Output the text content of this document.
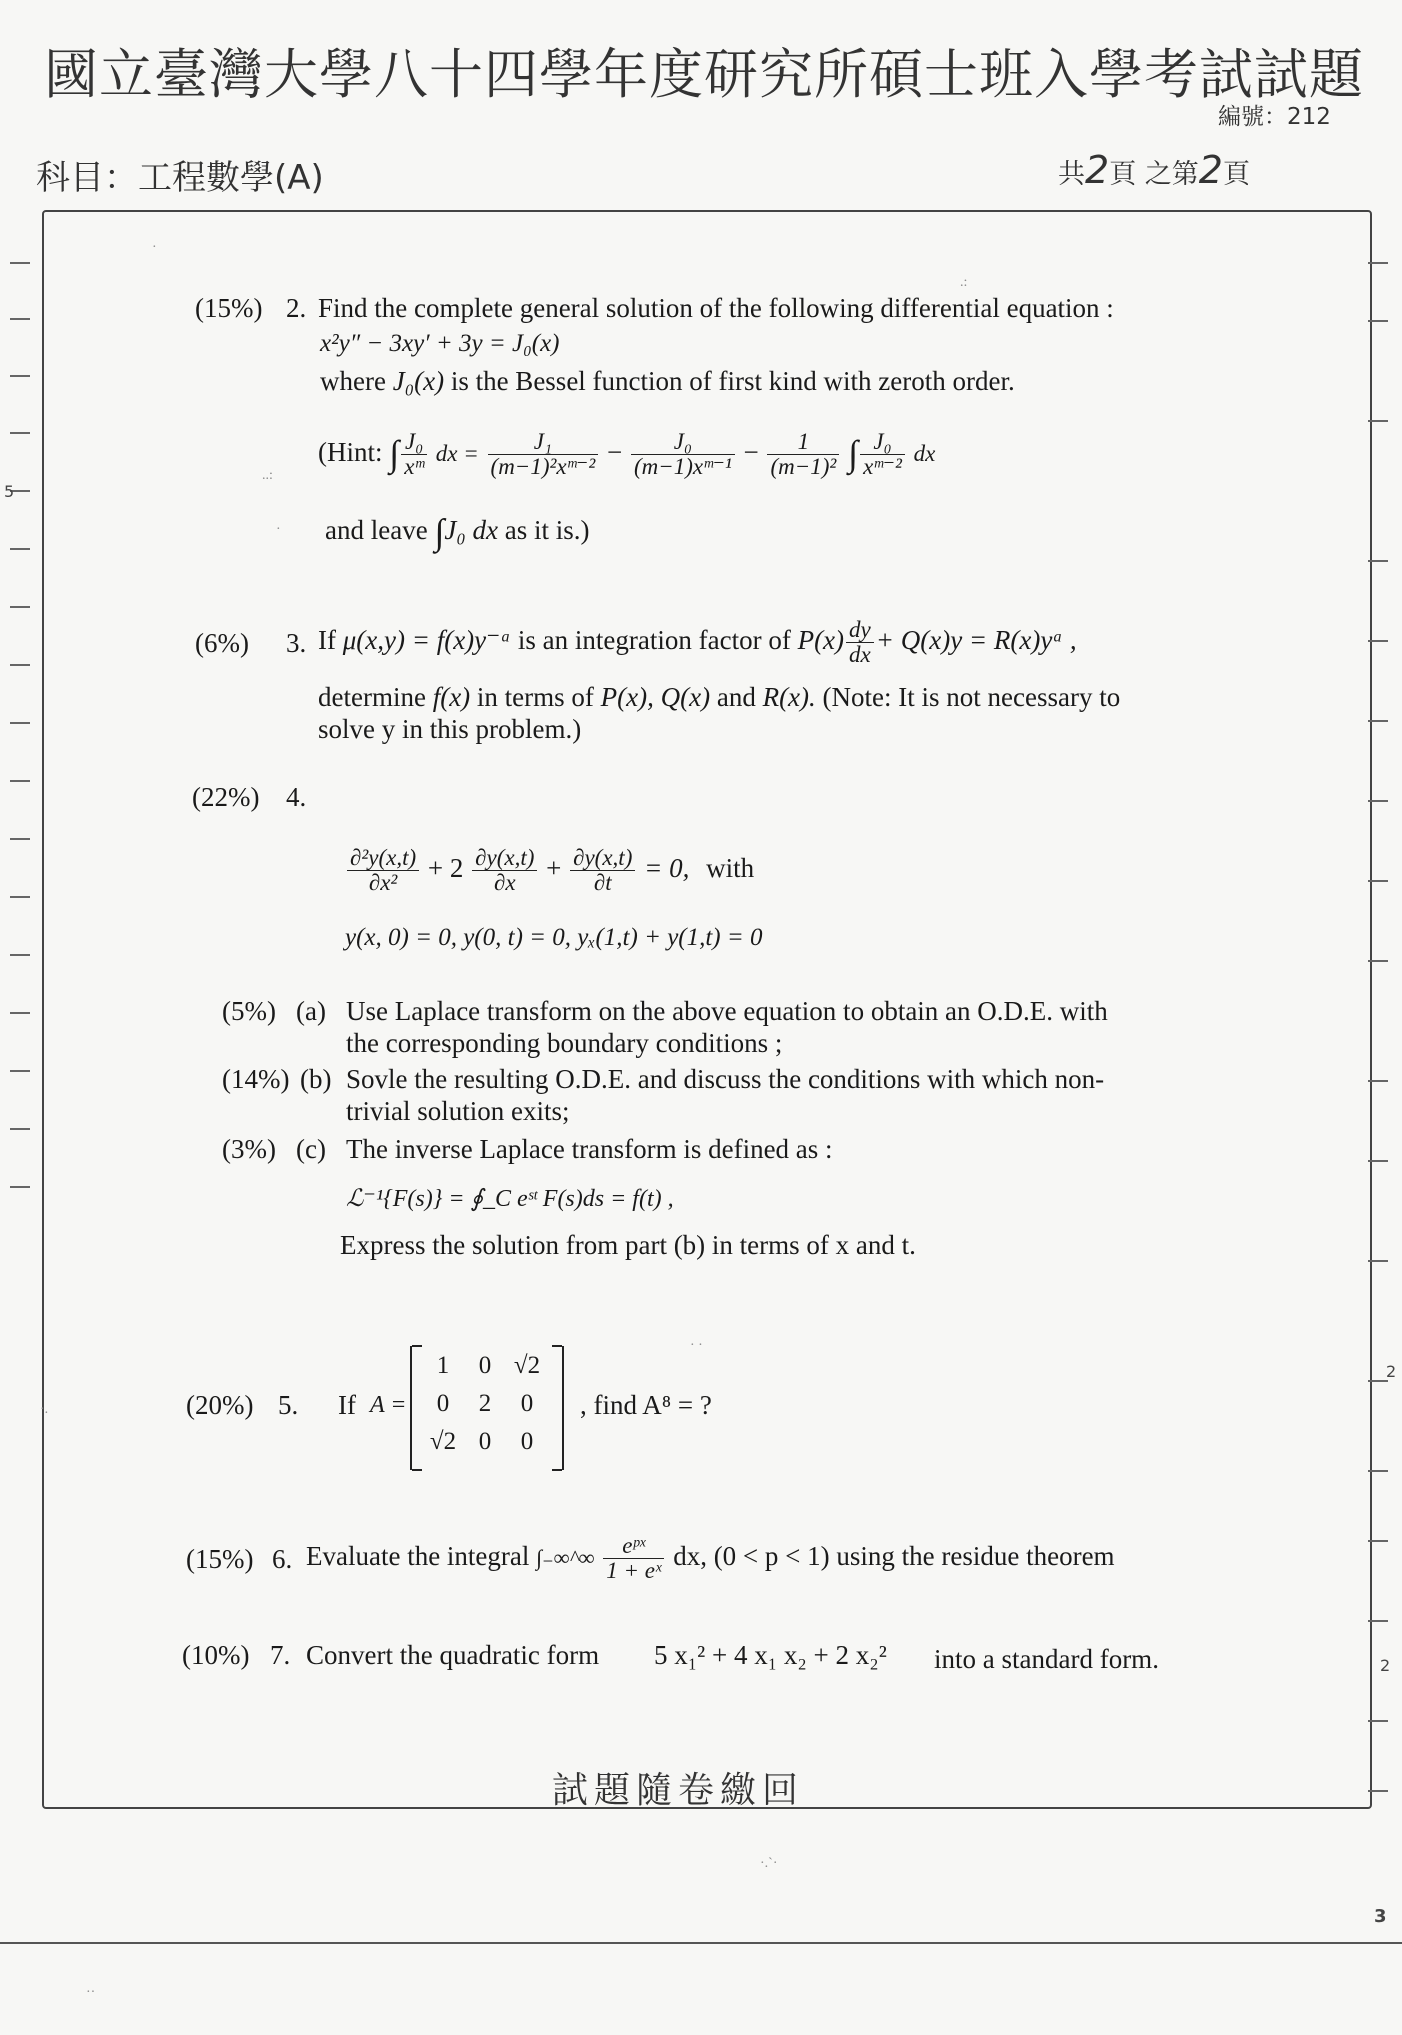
國立臺灣大學八十四學年度研究所碩士班入學考試試題
編號：212
科目：工程數學(A)	共2頁 之第2頁
5
2
2
3
(15%) 2. Find the complete general solution of the following differential equation :
x²y″ − 3xy′ + 3y = J₀(x)
where J₀(x) is the Bessel function of first kind with zeroth order.
(Hint: ∫ $\frac{\text{J₀}}{\text{xᵐ}}$ dx = $\frac{\text{J₁}}{\text{(m−1)²xᵐ⁻²}} - \frac{\text{J₀}}{\text{(m−1)xᵐ⁻¹}} - \frac{1}{\text{(m−1)²}}$ ∫ $\frac{\text{J₀}}{\text{xᵐ⁻²}}$ dx
and leave ∫J₀ dx as it is.)
(6%) 3. If μ(x,y) = f(x)y⁻ᵃ is an integration factor of $P(x) \frac{dy}{dx} + Q(x)y$ = R(x)yᵃ ,
determine f(x) in terms of P(x), Q(x) and R(x). (Note: It is not necessary to
solve y in this problem.)
(22%) 4.
$\frac{\text{∂²y(x,t)}}{\text{∂x²}} + 2 \frac{\partial y(x,t)}{\partial x} + \frac{\partial y(x,t)}{\partial t} = 0$, with
y(x, 0) = 0, y(0, t) = 0, yₓ(1,t) + y(1,t) = 0
(5%) (a) Use Laplace transform on the above equation to obtain an O.D.E. with
the corresponding boundary conditions ;
(14%) (b) Sovle the resulting O.D.E. and discuss the conditions with which non-
trivial solution exits;
(3%) (c) The inverse Laplace transform is defined as :
ℒ⁻¹{F(s)} = ∮_C eˢᵗ F(s)ds = f(t) ,
Express the solution from part (b) in terms of x and t.
(20%) 5. If A =
1	0 √2
0	2	0
√2 0	0
, find A⁸ = ?
(15%) 6. Evaluate the integral ∫₋∞^∞ $\frac{\text{eᵖˣ}}{\text{1 + eˣ}}$ dx, (0 < p < 1) using the residue theorem
(10%) 7. Convert the quadratic form 5 x₁² + 4 x₁ x₂ + 2 x₂² into a standard form.
試題隨卷繳回
·
.:
..:
·
· ·
·.
·.`·
··
